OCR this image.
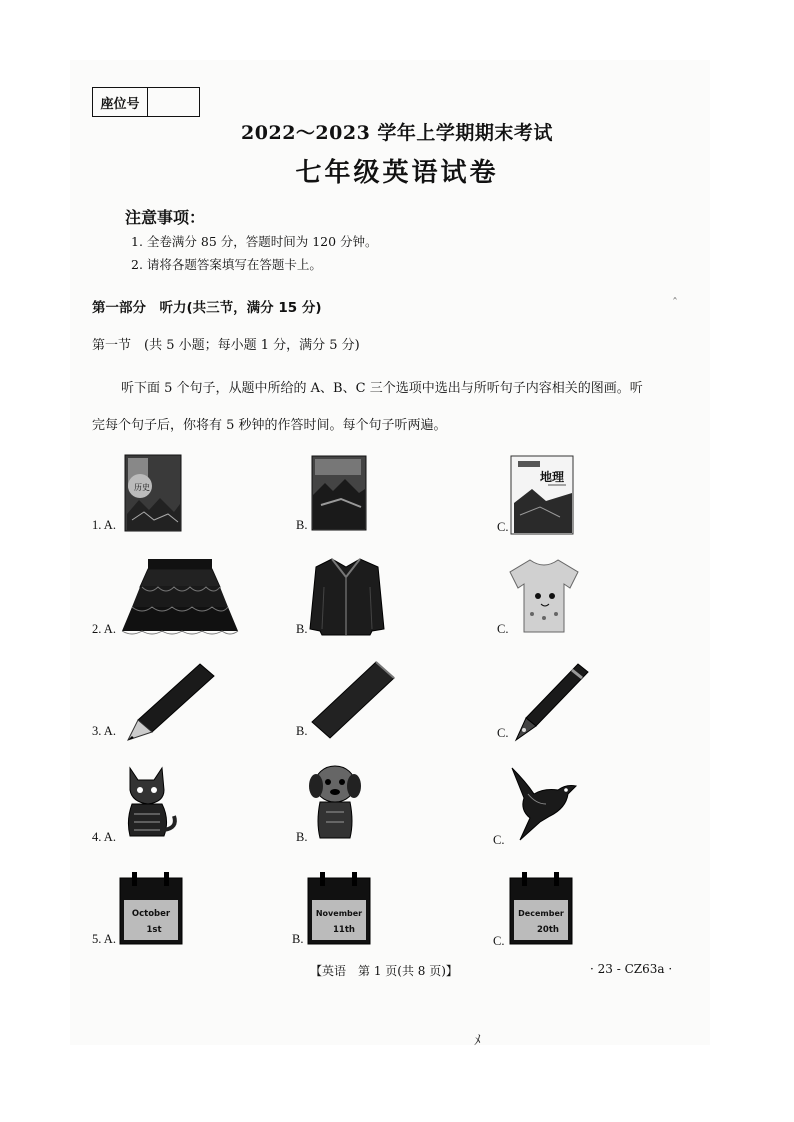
座位号
2022～2023 学年上学期期末考试
七年级英语试卷
注意事项：
1. 全卷满分 85 分，答题时间为 120 分钟。
2. 请将各题答案填写在答题卡上。
第一部分　听力(共三节，满分 15 分)	ˆ
第一节　(共 5 小题；每小题 1 分，满分 5 分)
听下面 5 个句子，从题中所给的 A、B、C 三个选项中选出与所听句子内容相关的图画。听
完每个句子后，你将有 5 秒钟的作答时间。每个句子听两遍。
1. A.	B.	C.
历史
地理
2. A.	B.	C.
3. A.	B.	C.
4. A.	B.	C.
5. A.	B.	C.
October
1st
November
11th
December
20th
【英语　第 1 页(共 8 页)】	· 23 - CZ63a ·
ﾒ
